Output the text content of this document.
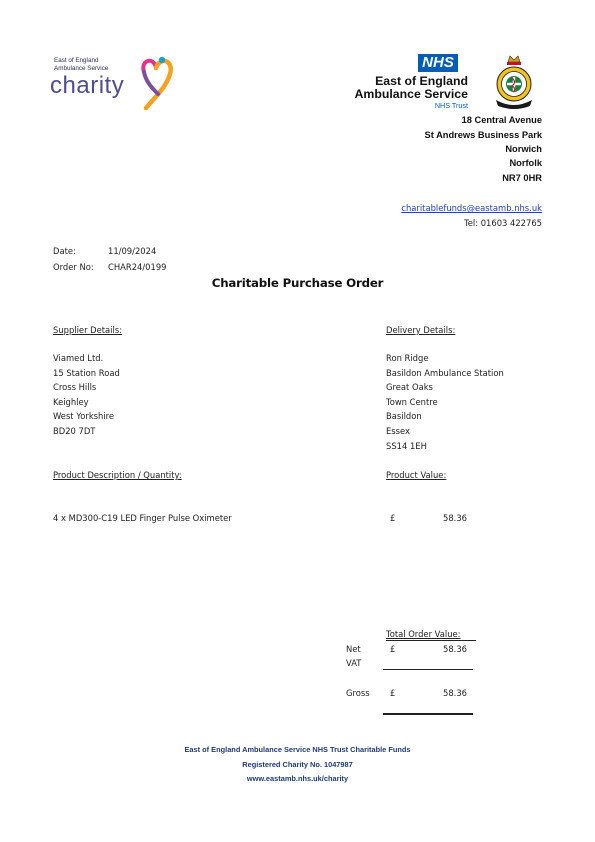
East of England
Ambulance Service
charity
NHS
East of England
Ambulance Service
NHS Trust
18 Central Avenue
St Andrews Business Park
Norwich
Norfolk
NR7 0HR
charitablefunds@eastamb.nhs.uk
Tel: 01603 422765
Date:	11/09/2024
Order No: CHAR24/0199
Charitable Purchase Order
Supplier Details:
Viamed Ltd.
15 Station Road
Cross Hills
Keighley
West Yorkshire
BD20 7DT
Delivery Details:
Ron Ridge
Basildon Ambulance Station
Great Oaks
Town Centre
Basildon
Essex
SS14 1EH
Product Description / Quantity:	Product Value:
4 x MD300-C19 LED Finger Pulse Oximeter	£	58.36
Total Order Value:
Net	£	58.36
VAT
Gross £	58.36
East of England Ambulance Service NHS Trust Charitable Funds
Registered Charity No. 1047987
www.eastamb.nhs.uk/charity
